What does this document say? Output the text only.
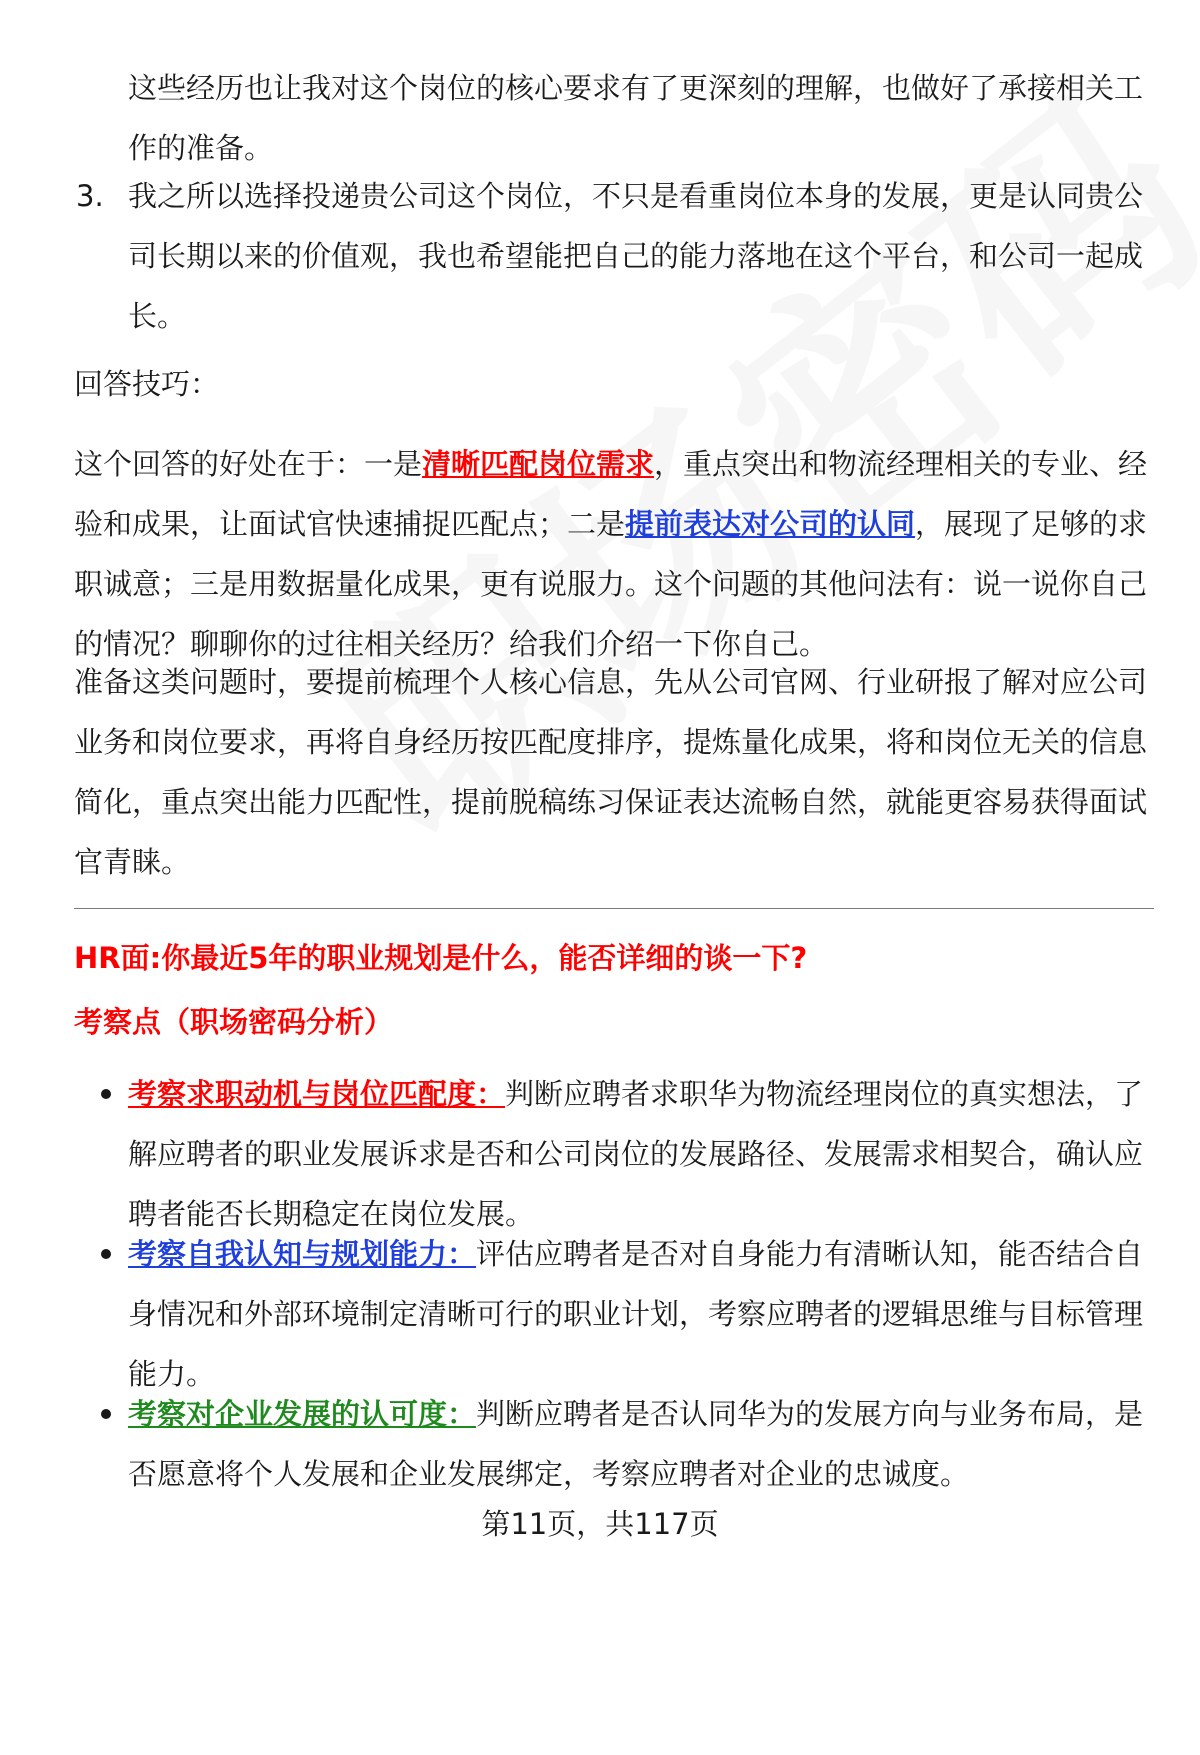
这些经历也让我对这个岗位的核心要求有了更深刻的理解，也做好了承接相关工作的准备。

3. 我之所以选择投递贵公司这个岗位，不只是看重岗位本身的发展，更是认同贵公司长期以来的价值观，我也希望能把自己的能力落地在这个平台，和公司一起成长。

回答技巧：

这个回答的好处在于：一是清晰匹配岗位需求，重点突出和物流经理相关的专业、经验和成果，让面试官快速捕捉匹配点；二是提前表达对公司的认同，展现了足够的求职诚意；三是用数据量化成果，更有说服力。这个问题的其他问法有：说一说你自己的情况？聊聊你的过往相关经历？给我们介绍一下你自己。

准备这类问题时，要提前梳理个人核心信息，先从公司官网、行业研报了解对应公司业务和岗位要求，再将自身经历按匹配度排序，提炼量化成果，将和岗位无关的信息简化，重点突出能力匹配性，提前脱稿练习保证表达流畅自然，就能更容易获得面试官青睐。

HR面:你最近5年的职业规划是什么，能否详细的谈一下?

考察点（职场密码分析）

考察求职动机与岗位匹配度：判断应聘者求职华为物流经理岗位的真实想法，了解应聘者的职业发展诉求是否和公司岗位的发展路径、发展需求相契合，确认应聘者能否长期稳定在岗位发展。

考察自我认知与规划能力：评估应聘者是否对自身能力有清晰认知，能否结合自身情况和外部环境制定清晰可行的职业计划，考察应聘者的逻辑思维与目标管理能力。

考察对企业发展的认可度：判断应聘者是否认同华为的发展方向与业务布局，是否愿意将个人发展和企业发展绑定，考察应聘者对企业的忠诚度。

第11页，共117页
